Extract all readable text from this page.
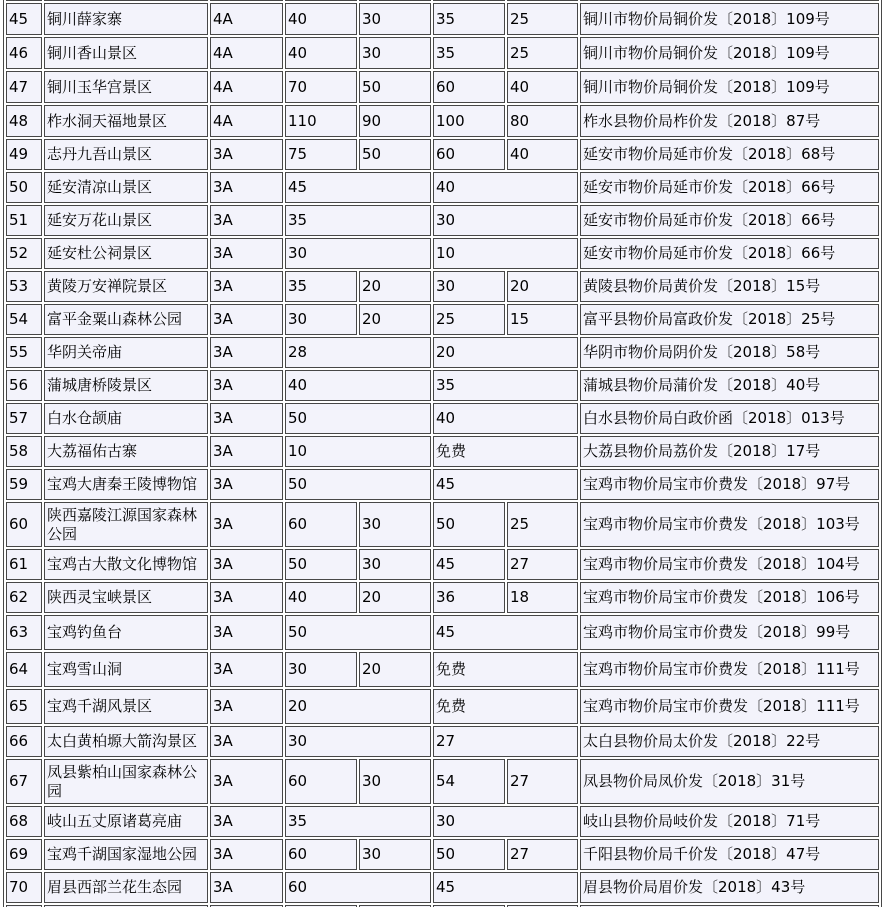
45	铜川薛家寨	4A	40	30	35	25	铜川市物价局铜价发〔2018〕109号
46	铜川香山景区	4A	40	30	35	25	铜川市物价局铜价发〔2018〕109号
47	铜川玉华宫景区	4A	70	50	60	40	铜川市物价局铜价发〔2018〕109号
48	柞水洞天福地景区	4A	110	90	100	80	柞水县物价局柞价发〔2018〕87号
49	志丹九吾山景区	3A	75	50	60	40	延安市物价局延市价发〔2018〕68号
50	延安清凉山景区	3A	45		40		延安市物价局延市价发〔2018〕66号
51	延安万花山景区	3A	35		30		延安市物价局延市价发〔2018〕66号
52	延安杜公祠景区	3A	30		10		延安市物价局延市价发〔2018〕66号
53	黄陵万安禅院景区	3A	35	20	30	20	黄陵县物价局黄价发〔2018〕15号
54	富平金粟山森林公园	3A	30	20	25	15	富平县物价局富政价发〔2018〕25号
55	华阴关帝庙	3A	28		20		华阴市物价局阴价发〔2018〕58号
56	蒲城唐桥陵景区	3A	40		35		蒲城县物价局蒲价发〔2018〕40号
57	白水仓颉庙	3A	50		40		白水县物价局白政价函〔2018〕013号
58	大荔福佑古寨	3A	10		免费		大荔县物价局荔价发〔2018〕17号
59	宝鸡大唐秦王陵博物馆	3A	50		45		宝鸡市物价局宝市价费发〔2018〕97号
60	陕西嘉陵江源国家森林公园	3A	60	30	50	25	宝鸡市物价局宝市价费发〔2018〕103号
61	宝鸡古大散文化博物馆	3A	50	30	45	27	宝鸡市物价局宝市价费发〔2018〕104号
62	陕西灵宝峡景区	3A	40	20	36	18	宝鸡市物价局宝市价费发〔2018〕106号
63	宝鸡钓鱼台	3A	50		45		宝鸡市物价局宝市价费发〔2018〕99号
64	宝鸡雪山洞	3A	30	20	免费		宝鸡市物价局宝市价费发〔2018〕111号
65	宝鸡千湖风景区	3A	20		免费		宝鸡市物价局宝市价费发〔2018〕111号
66	太白黄柏塬大箭沟景区	3A	30		27		太白县物价局太价发〔2018〕22号
67	凤县紫柏山国家森林公园	3A	60	30	54	27	凤县物价局凤价发〔2018〕31号
68	岐山五丈原诸葛亮庙	3A	35		30		岐山县物价局岐价发〔2018〕71号
69	宝鸡千湖国家湿地公园	3A	60	30	50	27	千阳县物价局千价发〔2018〕47号
70	眉县西部兰花生态园	3A	60		45		眉县物价局眉价发〔2018〕43号
